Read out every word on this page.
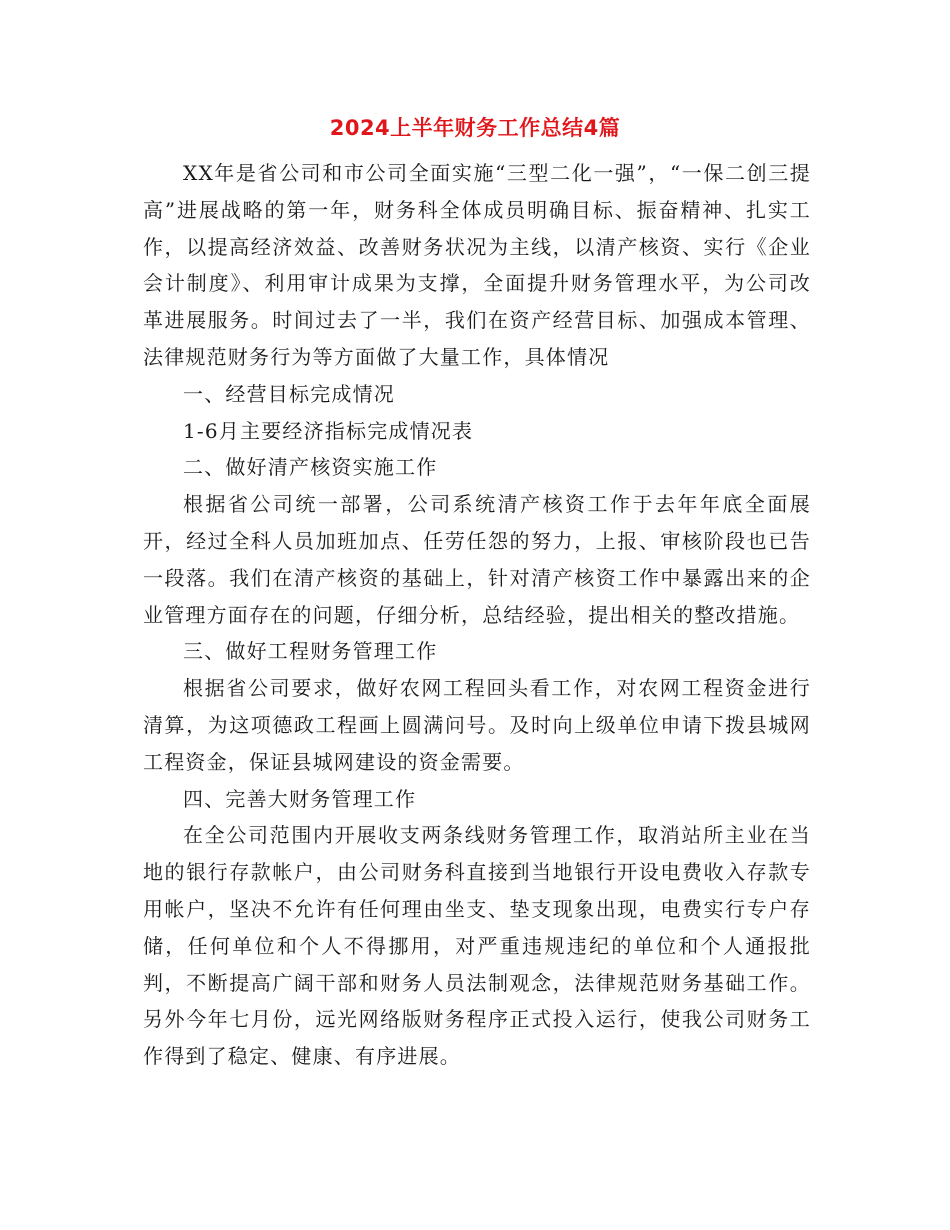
2024上半年财务工作总结4篇

XX年是省公司和市公司全面实施“三型二化一强”，“一保二创三提高”进展战略的第一年，财务科全体成员明确目标、振奋精神、扎实工作，以提高经济效益、改善财务状况为主线，以清产核资、实行《企业会计制度》、利用审计成果为支撑，全面提升财务管理水平，为公司改革进展服务。时间过去了一半，我们在资产经营目标、加强成本管理、法律规范财务行为等方面做了大量工作，具体情况

一、经营目标完成情况

1-6月主要经济指标完成情况表

二、做好清产核资实施工作

根据省公司统一部署，公司系统清产核资工作于去年年底全面展开，经过全科人员加班加点、任劳任怨的努力，上报、审核阶段也已告一段落。我们在清产核资的基础上，针对清产核资工作中暴露出来的企业管理方面存在的问题，仔细分析，总结经验，提出相关的整改措施。

三、做好工程财务管理工作

根据省公司要求，做好农网工程回头看工作，对农网工程资金进行清算，为这项德政工程画上圆满问号。及时向上级单位申请下拨县城网工程资金，保证县城网建设的资金需要。

四、完善大财务管理工作

在全公司范围内开展收支两条线财务管理工作，取消站所主业在当地的银行存款帐户，由公司财务科直接到当地银行开设电费收入存款专用帐户，坚决不允许有任何理由坐支、垫支现象出现，电费实行专户存储，任何单位和个人不得挪用，对严重违规违纪的单位和个人通报批判，不断提高广阔干部和财务人员法制观念，法律规范财务基础工作。另外今年七月份，远光网络版财务程序正式投入运行，使我公司财务工作得到了稳定、健康、有序进展。
